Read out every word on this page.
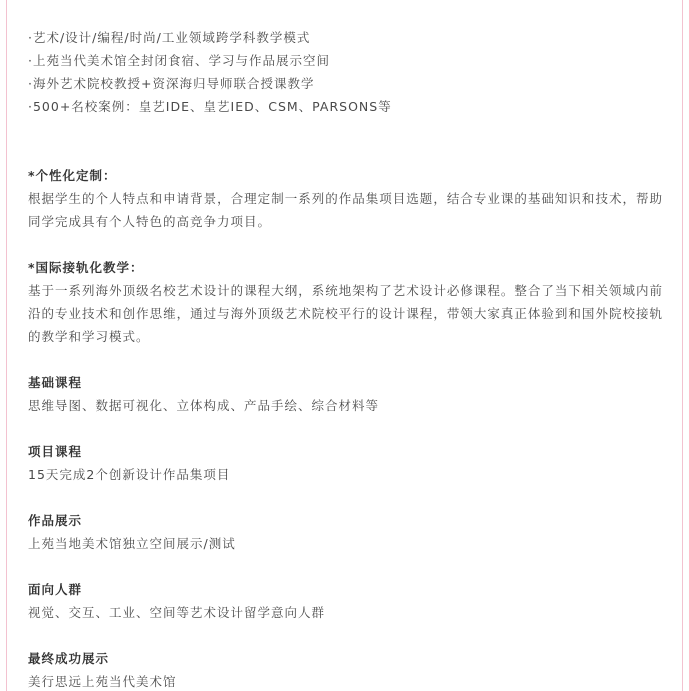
·艺术/设计/编程/时尚/工业领域跨学科教学模式
·上苑当代美术馆全封闭食宿、学习与作品展示空间
·海外艺术院校教授+资深海归导师联合授课教学
·500+名校案例：皇艺IDE、皇艺IED、CSM、PARSONS等
*个性化定制：

根据学生的个人特点和申请背景，合理定制一系列的作品集项目选题，结合专业课的基础知识和技术，帮助同学完成具有个人特色的高竞争力项目。

*国际接轨化教学：

基于一系列海外顶级名校艺术设计的课程大纲，系统地架构了艺术设计必修课程。整合了当下相关领域内前沿的专业技术和创作思维，通过与海外顶级艺术院校平行的设计课程，带领大家真正体验到和国外院校接轨的教学和学习模式。

基础课程
思维导图、数据可视化、立体构成、产品手绘、综合材料等
项目课程
15天完成2个创新设计作品集项目
作品展示
上苑当地美术馆独立空间展示/测试
面向人群
视觉、交互、工业、空间等艺术设计留学意向人群
最终成功展示
美行思远上苑当代美术馆
